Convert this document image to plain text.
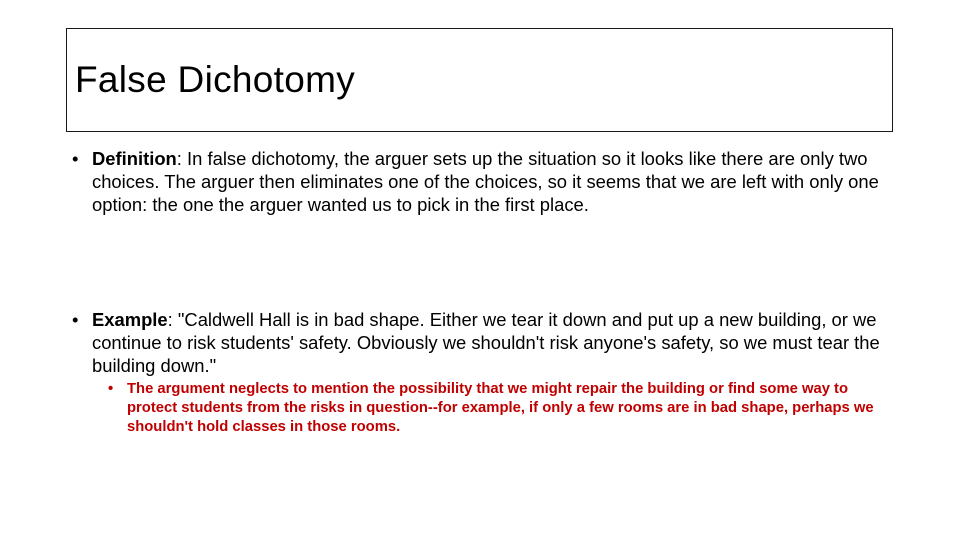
False Dichotomy
• Definition: In false dichotomy, the arguer sets up the situation so it looks like there are only two choices. The arguer then eliminates one of the choices, so it seems that we are left with only one option: the one the arguer wanted us to pick in the first place.
• Example: "Caldwell Hall is in bad shape. Either we tear it down and put up a new building, or we continue to risk students' safety. Obviously we shouldn't risk anyone's safety, so we must tear the building down."
• The argument neglects to mention the possibility that we might repair the building or find some way to protect students from the risks in question--for example, if only a few rooms are in bad shape, perhaps we shouldn't hold classes in those rooms.
